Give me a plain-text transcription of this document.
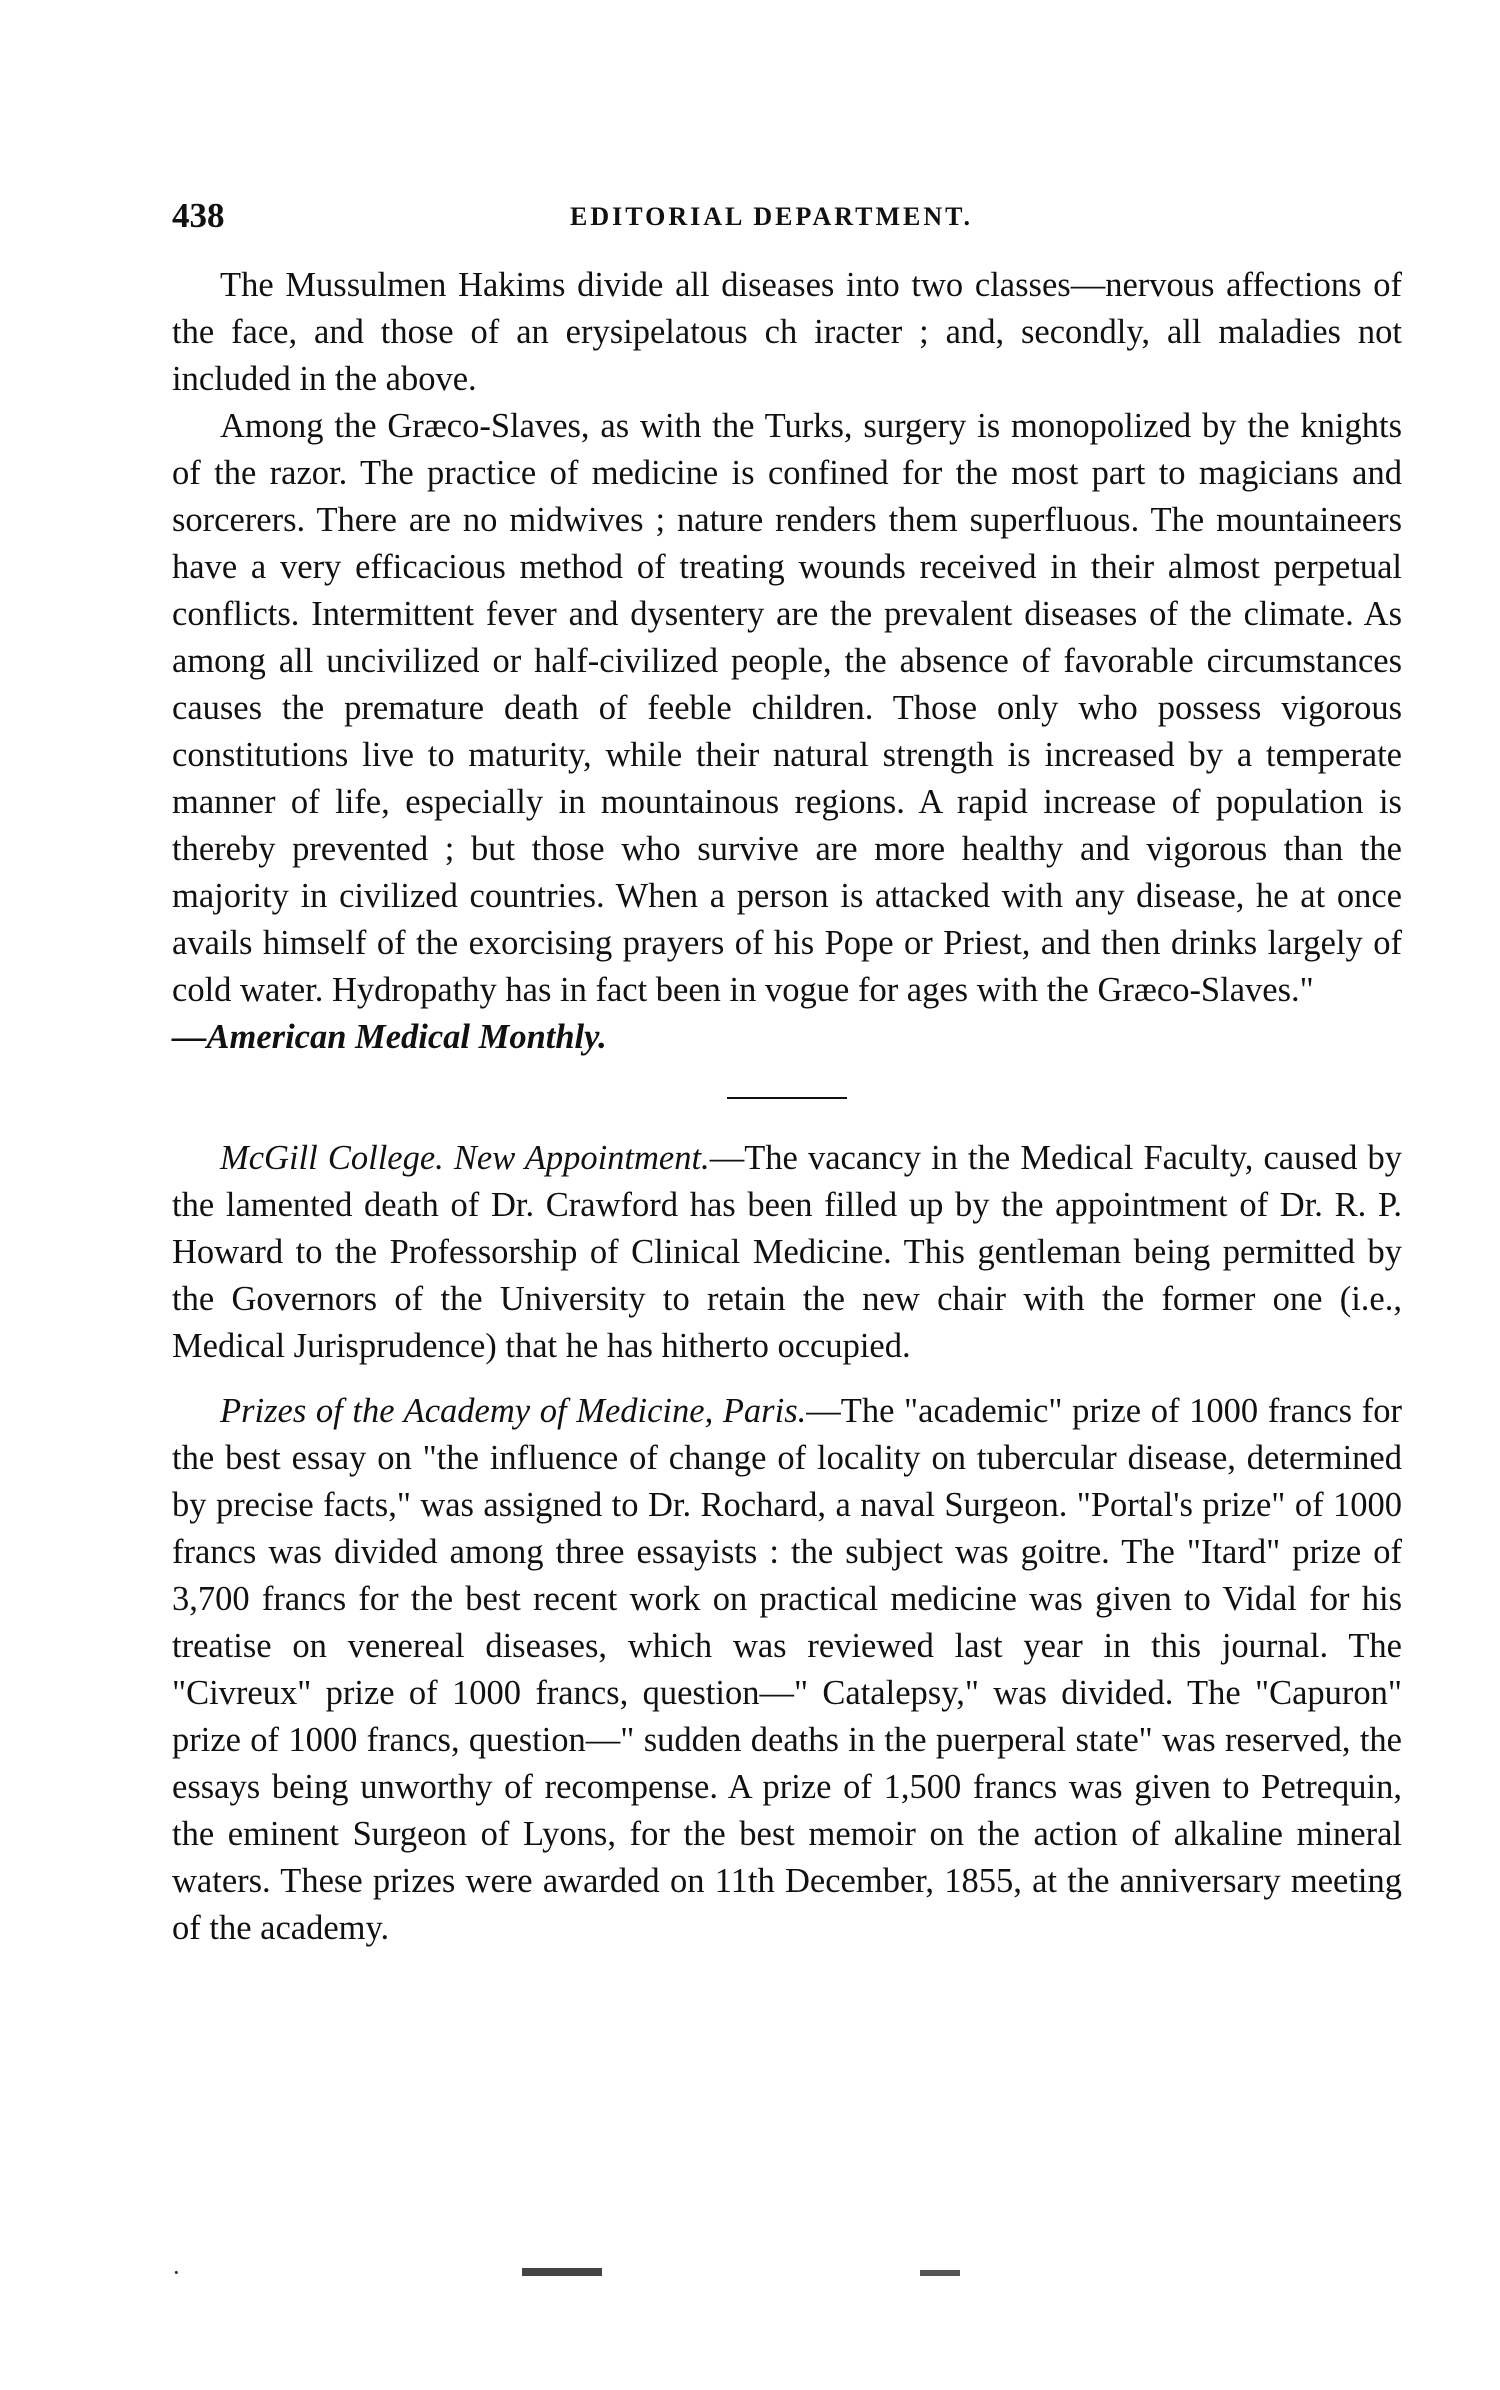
438	EDITORIAL DEPARTMENT.

The Mussulmen Hakims divide all diseases into two classes—nervous affections of the face, and those of an erysipelatous ch iracter ; and, secondly, all maladies not included in the above.

Among the Græco-Slaves, as with the Turks, surgery is monopolized by the knights of the razor. The practice of medicine is confined for the most part to magicians and sorcerers. There are no midwives ; nature renders them superfluous. The mountaineers have a very efficacious method of treating wounds received in their almost perpetual conflicts. Intermittent fever and dysentery are the prevalent diseases of the climate. As among all uncivilized or half-civilized people, the absence of favorable circumstances causes the premature death of feeble children. Those only who possess vigorous constitutions live to maturity, while their natural strength is increased by a temperate manner of life, especially in mountainous regions. A rapid increase of population is thereby prevented ; but those who survive are more healthy and vigorous than the majority in civilized countries. When a person is attacked with any disease, he at once avails himself of the exorcising prayers of his Pope or Priest, and then drinks largely of cold water. Hydropathy has in fact been in vogue for ages with the Græco-Slaves."

—American Medical Monthly.

McGill College. New Appointment.—The vacancy in the Medical Faculty, caused by the lamented death of Dr. Crawford has been filled up by the appointment of Dr. R. P. Howard to the Professorship of Clinical Medicine. This gentleman being permitted by the Governors of the University to retain the new chair with the former one (i.e., Medical Jurisprudence) that he has hitherto occupied.

Prizes of the Academy of Medicine, Paris.—The "academic" prize of 1000 francs for the best essay on "the influence of change of locality on tubercular disease, determined by precise facts," was assigned to Dr. Rochard, a naval Surgeon. "Portal's prize" of 1000 francs was divided among three essayists : the subject was goitre. The "Itard" prize of 3,700 francs for the best recent work on practical medicine was given to Vidal for his treatise on venereal diseases, which was reviewed last year in this journal. The "Civreux" prize of 1000 francs, question—" Catalepsy," was divided. The "Capuron" prize of 1000 francs, question—" sudden deaths in the puerperal state" was reserved, the essays being unworthy of recompense. A prize of 1,500 francs was given to Petrequin, the eminent Surgeon of Lyons, for the best memoir on the action of alkaline mineral waters. These prizes were awarded on 11th December, 1855, at the anniversary meeting of the academy.

·
